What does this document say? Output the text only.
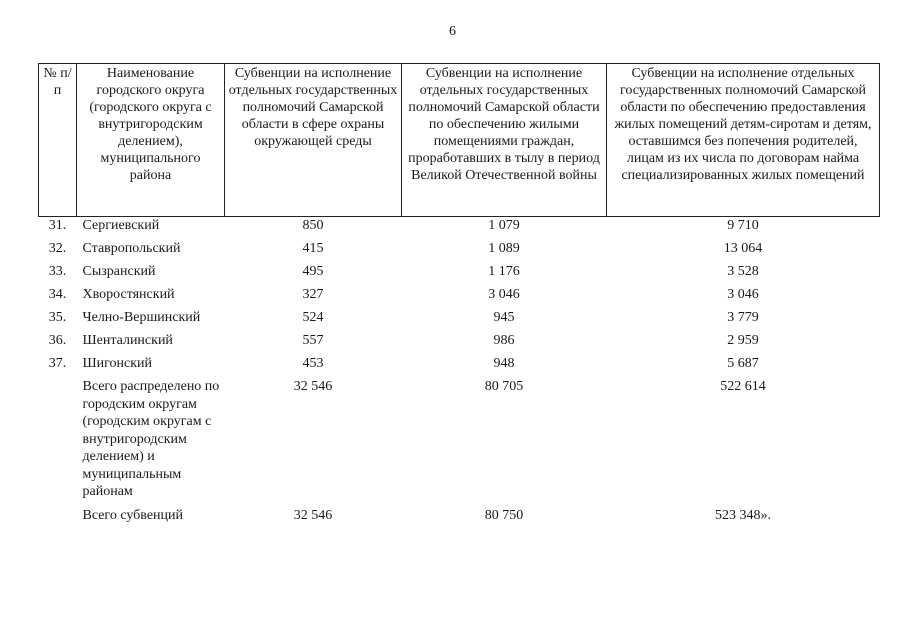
6
№ п/п	Наименование городского округа (городского округа с внутригородским делением), муниципального района	Субвенции на исполнение отдельных государственных полномочий Самарской области в сфере охраны окружающей среды	Субвенции на исполнение отдельных государственных полномочий Самарской области по обеспечению жилыми помещениями граждан, проработавших в тылу в период Великой Отечественной войны	Субвенции на исполнение отдельных государственных полномочий Самарской области по обеспечению предоставления жилых помещений детям-сиротам и детям, оставшимся без попечения родителей, лицам из их числа по договорам найма специализированных жилых помещений
31.	Сергиевский	850	1 079	9 710
32.	Ставропольский	415	1 089	13 064
33.	Сызранский	495	1 176	3 528
34.	Хворостянский	327	3 046	3 046
35.	Челно-Вершинский	524	945	3 779
36.	Шенталинский	557	986	2 959
37.	Шигонский	453	948	5 687
	Всего распределено по городским округам (городским округам с внутригородским делением) и муниципальным районам	32 546	80 705	522 614
	Всего субвенций	32 546	80 750	523 348».
